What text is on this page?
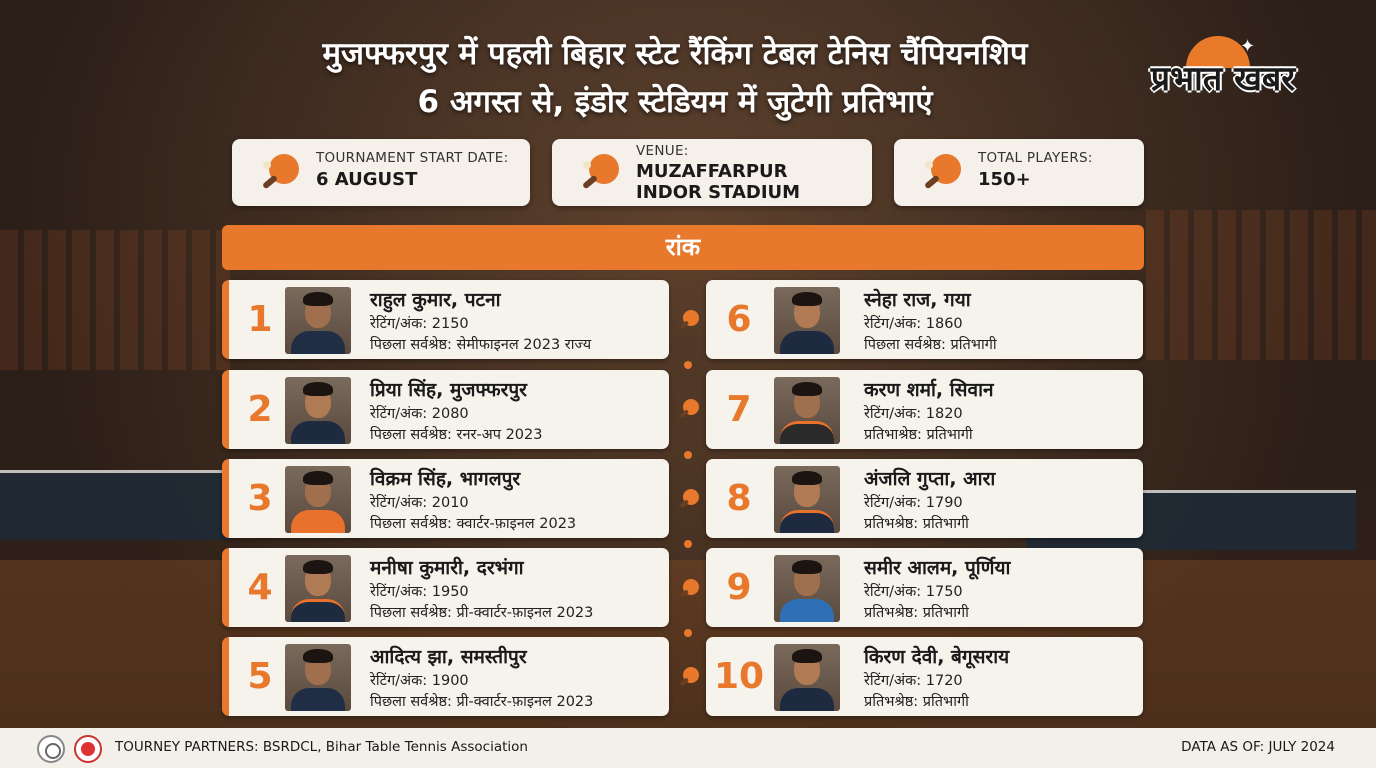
मुजफ्फरपुर में पहली बिहार स्टेट रैंकिंग टेबल टेनिस चैंपियनशिप
6 अगस्त से, इंडोर स्टेडियम में जुटेगी प्रतिभाएं
✦
प्रभात खबर
TOURNAMENT START DATE:
6 AUGUST
VENUE:
MUZAFFARPUR
INDOR STADIUM
TOTAL PLAYERS:
150+
रांक
1	राहुल कुमार, पटना
रेटिंग/अंक: 2150
पिछला सर्वश्रेष्ठ: सेमीफाइनल 2023 राज्य
2	प्रिया सिंह, मुजफ्फरपुर
रेटिंग/अंक: 2080
पिछला सर्वश्रेष्ठ: रनर-अप 2023
3	विक्रम सिंह, भागलपुर
रेटिंग/अंक: 2010
पिछला सर्वश्रेष्ठ: क्वार्टर-फ़ाइनल 2023
4	मनीषा कुमारी, दरभंगा
रेटिंग/अंक: 1950
पिछला सर्वश्रेष्ठ: प्री-क्वार्टर-फ़ाइनल 2023
5	आदित्य झा, समस्तीपुर
रेटिंग/अंक: 1900
पिछला सर्वश्रेष्ठ: प्री-क्वार्टर-फ़ाइनल 2023
6	स्नेहा राज, गया
रेटिंग/अंक: 1860
पिछला सर्वश्रेष्ठ: प्रतिभागी
7	करण शर्मा, सिवान
रेटिंग/अंक: 1820
प्रतिभाश्रेष्ठ: प्रतिभागी
8	अंजलि गुप्ता, आरा
रेटिंग/अंक: 1790
प्रतिभश्रेष्ठ: प्रतिभागी
9	समीर आलम, पूर्णिया
रेटिंग/अंक: 1750
प्रतिभश्रेष्ठ: प्रतिभागी
10	किरण देवी, बेगूसराय
रेटिंग/अंक: 1720
प्रतिभश्रेष्ठ: प्रतिभागी
TOURNEY PARTNERS: BSRDCL, Bihar Table Tennis Association	DATA AS OF: JULY 2024
